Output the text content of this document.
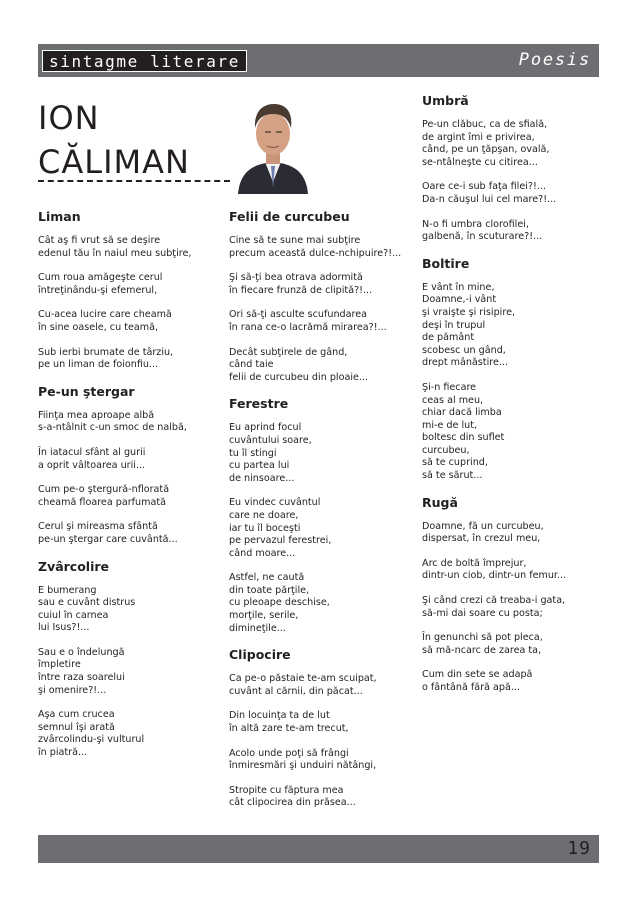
sintagme literare	Poesis
ION
CĂLIMAN
Liman
Cât aş fi vrut să se deşire
edenul tău în naiul meu subţire,
Cum roua amăgeşte cerul
întreţinându-şi efemerul,
Cu-acea lucire care cheamă
în sine oasele, cu teamă,
Sub ierbi brumate de târziu,
pe un liman de foionfiu...
Pe-un ştergar
Fiinţa mea aproape albă
s-a-ntâlnit c-un smoc de nalbă,
În iatacul sfânt al gurii
a oprit vâltoarea urii...
Cum pe-o ştergură-nflorată
cheamă floarea parfumată
Cerul şi mireasma sfântă
pe-un ştergar care cuvântă...
Zvârcolire
E bumerang
sau e cuvânt distrus
cuiul în carnea
lui Isus?!...
Sau e o îndelungă
împletire
între raza soarelui
şi omenire?!...
Aşa cum crucea
semnul îşi arată
zvârcolindu-şi vulturul
în piatră...
Felii de curcubeu
Cine să te sune mai subţire
precum această dulce-nchipuire?!...
Şi să-ţi bea otrava adormită
în fiecare frunză de clipită?!...
Ori să-ţi asculte scufundarea
în rana ce-o lacrămă mirarea?!...
Decât subţirele de gând,
când taie
felii de curcubeu din ploaie...
Ferestre
Eu aprind focul
cuvântului soare,
tu îl stingi
cu partea lui
de ninsoare...
Eu vindec cuvântul
care ne doare,
iar tu îl boceşti
pe pervazul ferestrei,
când moare...
Astfel, ne caută
din toate părţile,
cu pleoape deschise,
morţile, serile,
dimineţile...
Clipocire
Ca pe-o păstaie te-am scuipat,
cuvânt al cărnii, din păcat...
Din locuinţa ta de lut
în altă zare te-am trecut,
Acolo unde poţi să frângi
înmiresmări şi unduiri nătângi,
Stropite cu făptura mea
cât clipocirea din prăsea...
Umbră
Pe-un clăbuc, ca de sfială,
de argint îmi e privirea,
când, pe un ţăpşan, ovală,
se-ntâlneşte cu citirea...
Oare ce-i sub faţa filei?!...
Da-n căuşul lui cel mare?!...
N-o fi umbra clorofilei,
galbenă, în scuturare?!...
Boltire
E vânt în mine,
Doamne,-i vânt
şi vraişte şi risipire,
deşi în trupul
de pământ
scobesc un gând,
drept mânăstire...
Şi-n fiecare
ceas al meu,
chiar dacă limba
mi-e de lut,
boltesc din suflet
curcubeu,
să te cuprind,
să te sărut...
Rugă
Doamne, fă un curcubeu,
dispersat, în crezul meu,
Arc de boltă împrejur,
dintr-un ciob, dintr-un femur...
Şi când crezi că treaba-i gata,
să-mi dai soare cu posta;
În genunchi să pot pleca,
să mă-ncarc de zarea ta,
Cum din sete se adapă
o fântână fără apă...
19
